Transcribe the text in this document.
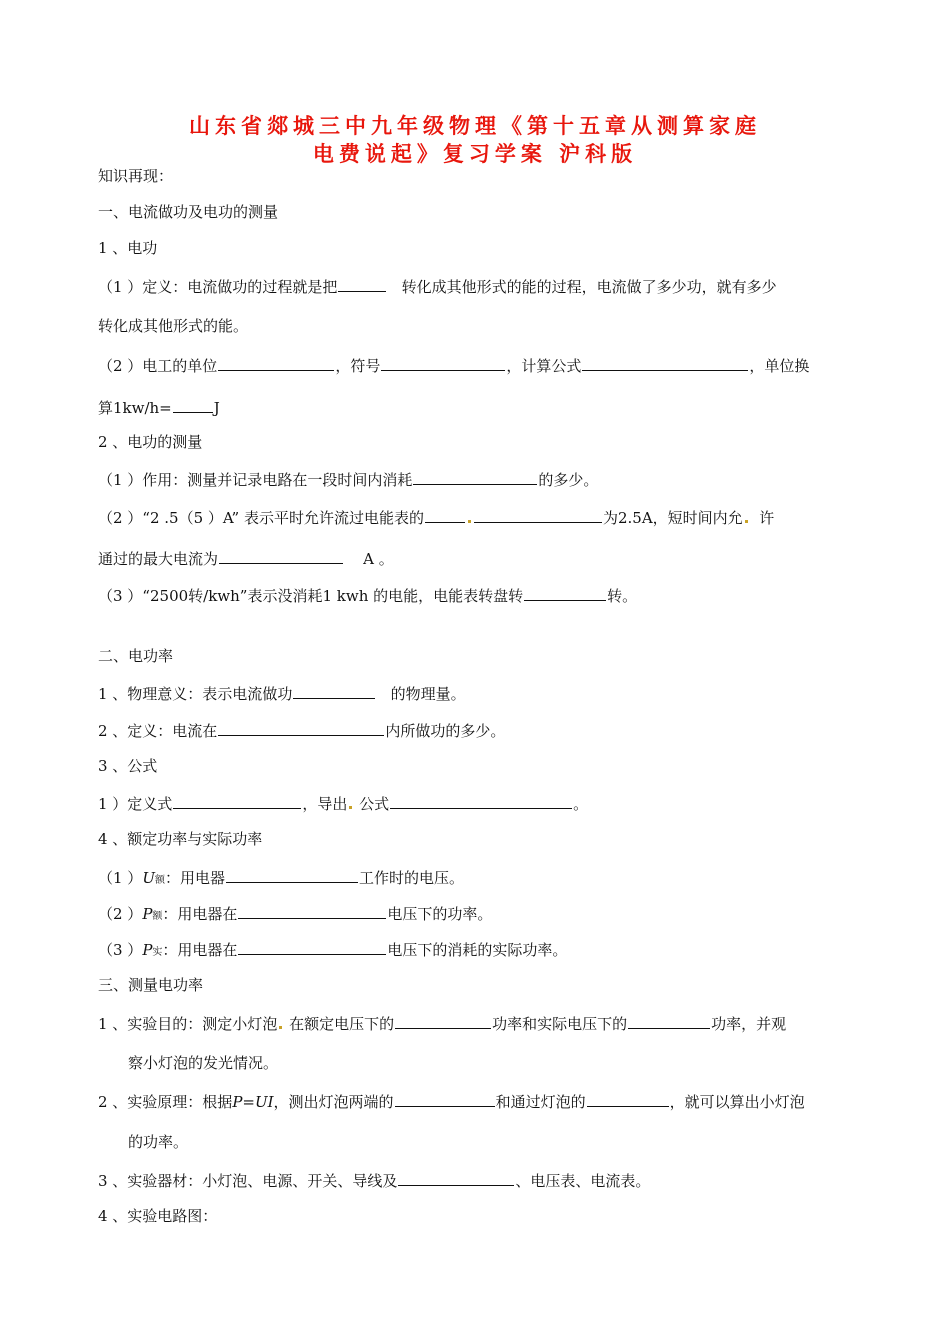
山东省郯城三中九年级物理《第十五章从测算家庭
电费说起》复习学案 沪科版
知识再现：
一、电流做功及电功的测量
1 、电功
（1 ）定义：电流做功的过程就是把	转化成其他形式的能的过程，电流做了多少功，就有多少
转化成其他形式的能。
（2 ）电工的单位	，符号	，计算公式	，单位换
算1kw/h=	J
2 、电功的测量
（1 ）作用：测量并记录电路在一段时间内消耗	的多少。
（2 ）“2 .5（5 ）A” 表示平时允许流过电能表的	为2.5A，短时间内允 许
通过的最大电流为	A 。
（3 ）“2500转/kwh”表示没消耗1 kwh 的电能，电能表转盘转	转。
二、电功率
1 、物理意义：表示电流做功	的物理量。
2 、定义：电流在	内所做功的多少。
3 、公式
1 ）定义式	，导出 公式	。
4 、额定功率与实际功率
（1 ）U额：用电器	工作时的电压。
（2 ）P额：用电器在	电压下的功率。
（3 ）P实：用电器在	电压下的消耗的实际功率。
三、测量电功率
1 、实验目的：测定小灯泡 在额定电压下的	功率和实际电压下的	功率，并观
察小灯泡的发光情况。
2 、实验原理：根据P=UI，测出灯泡两端的	和通过灯泡的	，就可以算出小灯泡
的功率。
3 、实验器材：小灯泡、电源、开关、导线及	、电压表、电流表。
4 、实验电路图：
